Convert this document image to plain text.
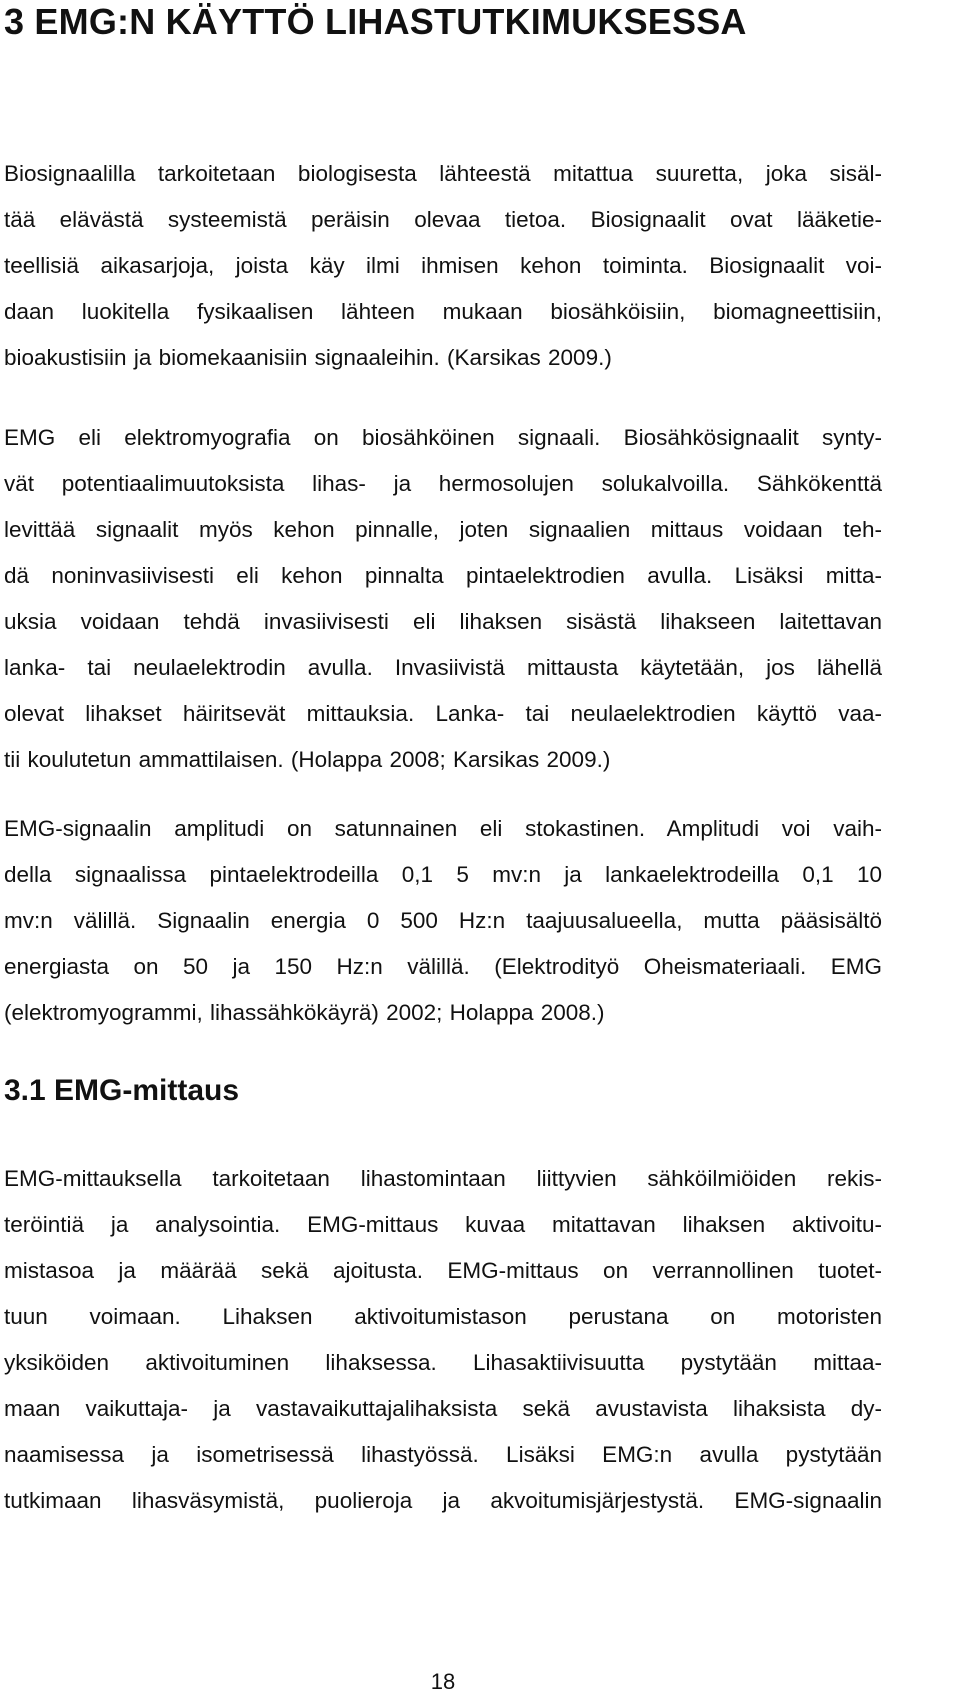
3 EMG:N KÄYTTÖ LIHASTUTKIMUKSESSA
Biosignaalilla tarkoitetaan biologisesta lähteestä mitattua suuretta, joka sisäl-
tää elävästä systeemistä peräisin olevaa tietoa. Biosignaalit ovat lääketie-
teellisiä aikasarjoja, joista käy ilmi ihmisen kehon toiminta. Biosignaalit voi-
daan luokitella fysikaalisen lähteen mukaan biosähköisiin, biomagneettisiin,
bioakustisiin ja biomekaanisiin signaaleihin. (Karsikas 2009.)
EMG eli elektromyografia on biosähköinen signaali. Biosähkösignaalit synty-
vät potentiaalimuutoksista lihas- ja hermosolujen solukalvoilla. Sähkökenttä
levittää signaalit myös kehon pinnalle, joten signaalien mittaus voidaan teh-
dä noninvasiivisesti eli kehon pinnalta pintaelektrodien avulla. Lisäksi mitta-
uksia voidaan tehdä invasiivisesti eli lihaksen sisästä lihakseen laitettavan
lanka- tai neulaelektrodin avulla. Invasiivistä mittausta käytetään, jos lähellä
olevat lihakset häiritsevät mittauksia. Lanka- tai neulaelektrodien käyttö vaa-
tii koulutetun ammattilaisen. (Holappa 2008; Karsikas 2009.)
EMG-signaalin amplitudi on satunnainen eli stokastinen. Amplitudi voi vaih-
della signaalissa pintaelektrodeilla 0,1 5 mv:n ja lankaelektrodeilla 0,1 10
mv:n välillä. Signaalin energia 0 500 Hz:n taajuusalueella, mutta pääsisältö
energiasta on 50 ja 150 Hz:n välillä. (Elektrodityö Oheismateriaali. EMG
(elektromyogrammi, lihassähkökäyrä) 2002; Holappa 2008.)
3.1 EMG-mittaus
EMG-mittauksella tarkoitetaan lihastomintaan liittyvien sähköilmiöiden rekis-
teröintiä ja analysointia. EMG-mittaus kuvaa mitattavan lihaksen aktivoitu-
mistasoa ja määrää sekä ajoitusta. EMG-mittaus on verrannollinen tuotet-
tuun voimaan. Lihaksen aktivoitumistason perustana on motoristen
yksiköiden aktivoituminen lihaksessa. Lihasaktiivisuutta pystytään mittaa-
maan vaikuttaja- ja vastavaikuttajalihaksista sekä avustavista lihaksista dy-
naamisessa ja isometrisessä lihastyössä. Lisäksi EMG:n avulla pystytään
tutkimaan lihasväsymistä, puolieroja ja akvoitumisjärjestystä. EMG-signaalin
18
